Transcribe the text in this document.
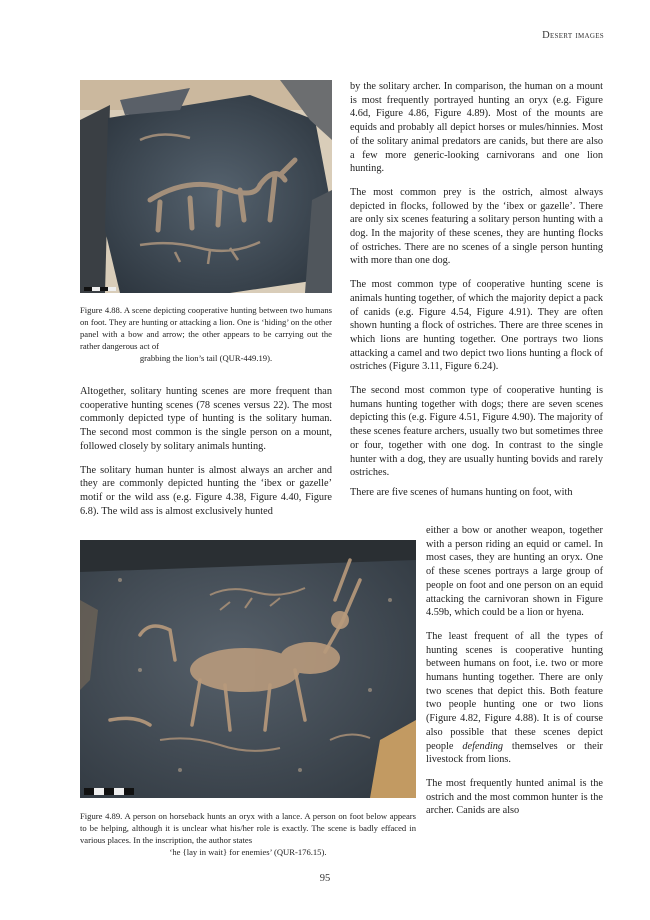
Desert images
Figure 4.88. A scene depicting cooperative hunting between two humans on foot. They are hunting or attacking a lion. One is ‘hiding’ on the other panel with a bow and arrow; the other appears to be carrying out the rather dangerous act of
grabbing the lion’s tail (QUR-449.19).

Altogether, solitary hunting scenes are more frequent than cooperative hunting scenes (78 scenes versus 22). The most commonly depicted type of hunting is the solitary human. The second most common is the single person on a mount, followed closely by solitary animals hunting.

The solitary human hunter is almost always an archer and they are commonly depicted hunting the ‘ibex or gazelle’ motif or the wild ass (e.g. Figure 4.38, Figure 4.40, Figure 6.8). The wild ass is almost exclusively hunted

by the solitary archer. In comparison, the human on a mount is most frequently portrayed hunting an oryx (e.g. Figure 4.6d, Figure 4.86, Figure 4.89). Most of the mounts are equids and probably all depict horses or mules/hinnies. Most of the solitary animal predators are canids, but there are also a few more generic-looking carnivorans and one lion hunting.

The most common prey is the ostrich, almost always depicted in flocks, followed by the ‘ibex or gazelle’. There are only six scenes featuring a solitary person hunting with a dog. In the majority of these scenes, they are hunting flocks of ostriches. There are no scenes of a single person hunting with more than one dog.

The most common type of cooperative hunting scene is animals hunting together, of which the majority depict a pack of canids (e.g. Figure 4.54, Figure 4.91). They are often shown hunting a flock of ostriches. There are three scenes in which lions are hunting together. One portrays two lions attacking a camel and two depict two lions hunting a flock of ostriches (Figure 3.11, Figure 6.24).

The second most common type of cooperative hunting is humans hunting together with dogs; there are seven scenes depicting this (e.g. Figure 4.51, Figure 4.90). The majority of these scenes feature archers, usually two but sometimes three or four, together with one dog. In contrast to the single hunter with a dog, they are usually hunting bovids and rarely ostriches.

There are five scenes of humans hunting on foot, with

Figure 4.89. A person on horseback hunts an oryx with a lance. A person on foot below appears to be helping, although it is unclear what his/her role is exactly. The scene is badly effaced in various places. In the inscription, the author states
‘he {lay in wait} for enemies’ (QUR-176.15).

either a bow or another weapon, together with a person riding an equid or camel. In most cases, they are hunting an oryx. One of these scenes portrays a large group of people on foot and one person on an equid attacking the carnivoran shown in Figure 4.59b, which could be a lion or hyena.

The least frequent of all the types of hunting scenes is cooperative hunting between humans on foot, i.e. two or more humans hunting together. There are only two scenes that depict this. Both feature two people hunting one or two lions (Figure 4.82, Figure 4.88). It is of course also possible that these scenes depict people defending themselves or their livestock from lions.

The most frequently hunted animal is the ostrich and the most common hunter is the archer. Canids are also

95
